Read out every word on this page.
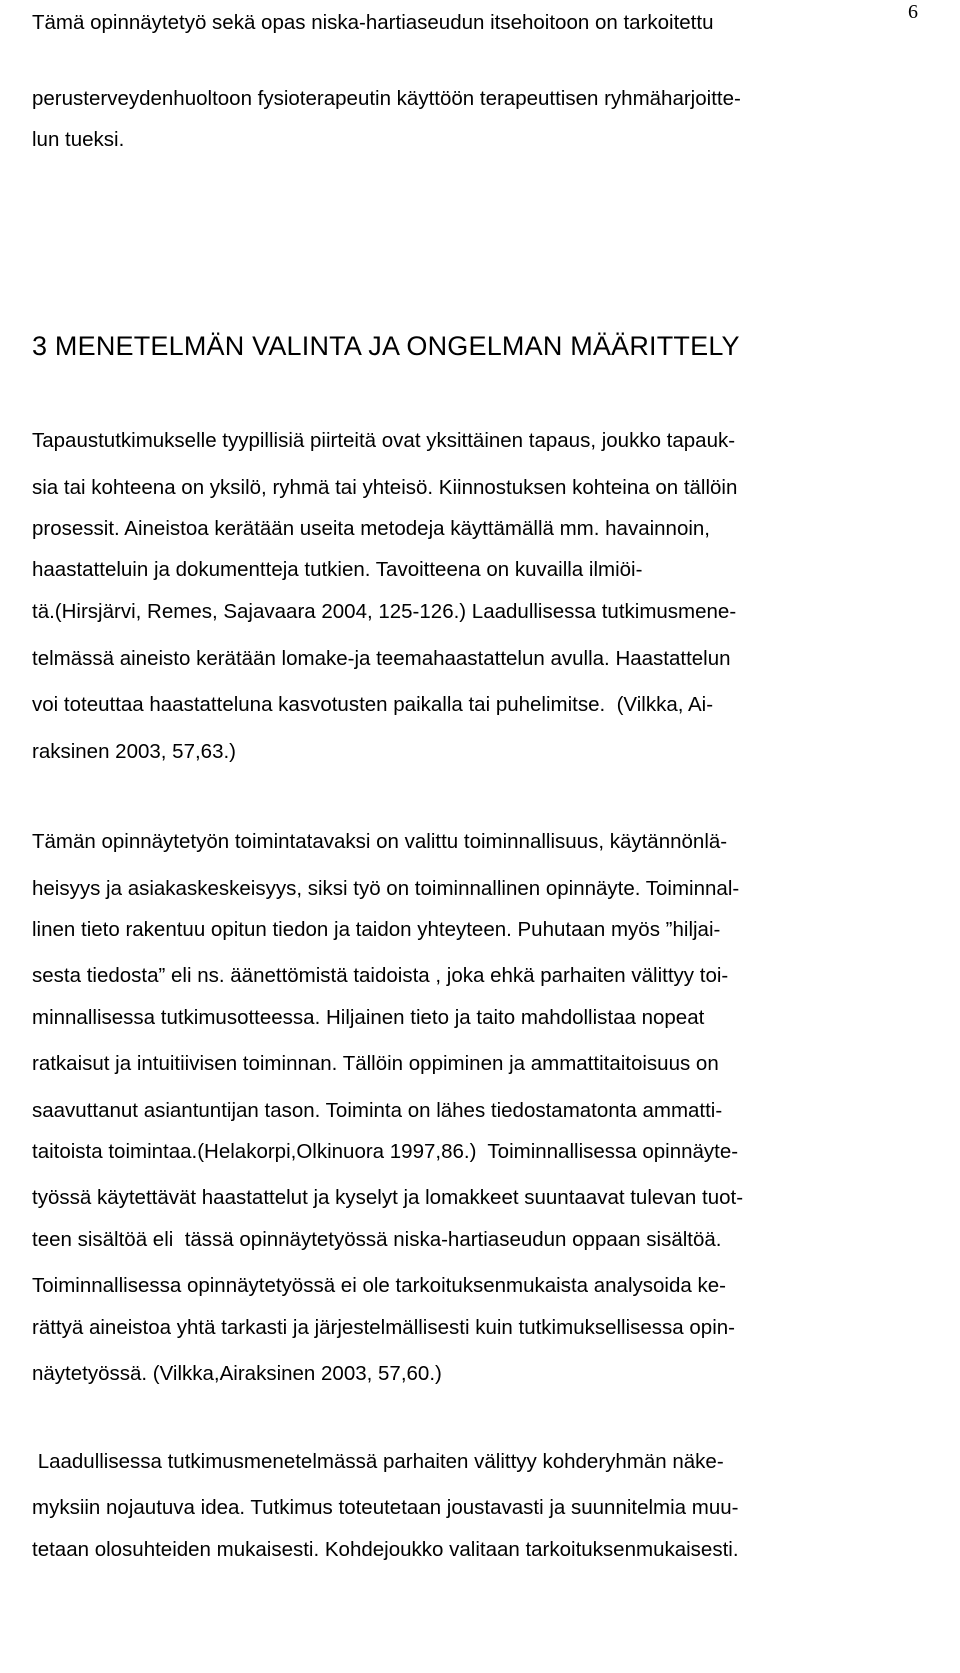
6
Tämä opinnäytetyö sekä opas niska-hartiaseudun itsehoitoon on tarkoitettu
perusterveydenhuoltoon fysioterapeutin käyttöön terapeuttisen ryhmäharjoitte-
lun tueksi.
3 MENETELMÄN VALINTA JA ONGELMAN MÄÄRITTELY
Tapaustutkimukselle tyypillisiä piirteitä ovat yksittäinen tapaus, joukko tapauk-
sia tai kohteena on yksilö, ryhmä tai yhteisö. Kiinnostuksen kohteina on tällöin
prosessit. Aineistoa kerätään useita metodeja käyttämällä mm. havainnoin,
haastatteluin ja dokumentteja tutkien. Tavoitteena on kuvailla ilmiöi-
tä.(Hirsjärvi, Remes, Sajavaara 2004, 125-126.) Laadullisessa tutkimusmene-
telmässä aineisto kerätään lomake-ja teemahaastattelun avulla. Haastattelun
voi toteuttaa haastatteluna kasvotusten paikalla tai puhelimitse.  (Vilkka, Ai-
raksinen 2003, 57,63.)
Tämän opinnäytetyön toimintatavaksi on valittu toiminnallisuus, käytännönlä-
heisyys ja asiakaskeskeisyys, siksi työ on toiminnallinen opinnäyte. Toiminnal-
linen tieto rakentuu opitun tiedon ja taidon yhteyteen. Puhutaan myös ”hiljai-
sesta tiedosta” eli ns. äänettömistä taidoista , joka ehkä parhaiten välittyy toi-
minnallisessa tutkimusotteessa. Hiljainen tieto ja taito mahdollistaa nopeat
ratkaisut ja intuitiivisen toiminnan. Tällöin oppiminen ja ammattitaitoisuus on
saavuttanut asiantuntijan tason. Toiminta on lähes tiedostamatonta ammatti-
taitoista toimintaa.(Helakorpi,Olkinuora 1997,86.)  Toiminnallisessa opinnäyte-
työssä käytettävät haastattelut ja kyselyt ja lomakkeet suuntaavat tulevan tuot-
teen sisältöä eli  tässä opinnäytetyössä niska-hartiaseudun oppaan sisältöä.
Toiminnallisessa opinnäytetyössä ei ole tarkoituksenmukaista analysoida ke-
rättyä aineistoa yhtä tarkasti ja järjestelmällisesti kuin tutkimuksellisessa opin-
näytetyössä. (Vilkka,Airaksinen 2003, 57,60.)
Laadullisessa tutkimusmenetelmässä parhaiten välittyy kohderyhmän näke-
myksiin nojautuva idea. Tutkimus toteutetaan joustavasti ja suunnitelmia muu-
tetaan olosuhteiden mukaisesti. Kohdejoukko valitaan tarkoituksenmukaisesti.
